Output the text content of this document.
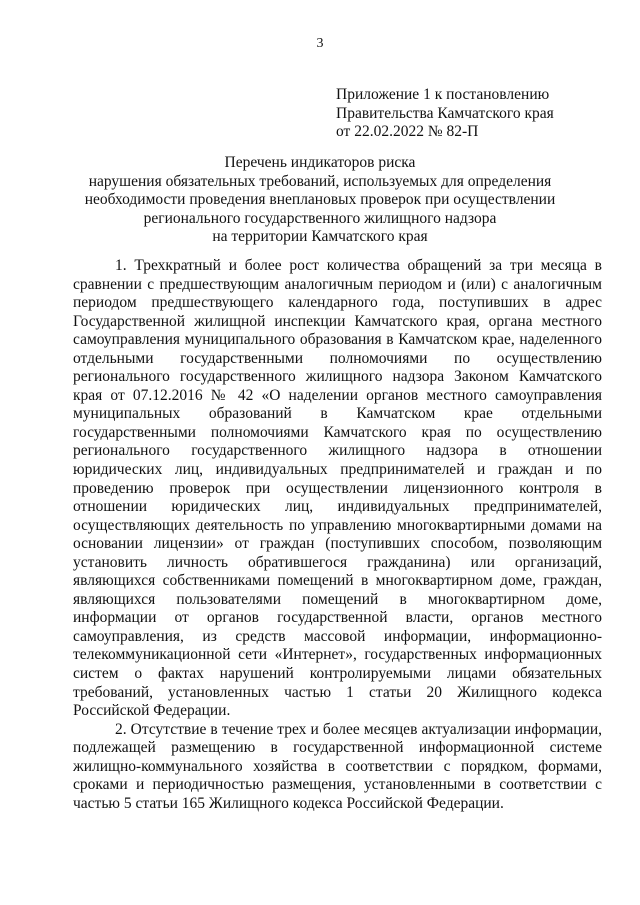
3
Приложение 1 к постановлению
Правительства Камчатского края
от 22.02.2022 № 82-П
Перечень индикаторов риска
нарушения обязательных требований, используемых для определения
необходимости проведения внеплановых проверок при осуществлении
регионального государственного жилищного надзора
на территории Камчатского края

1. Трехкратный и более рост количества обращений за три месяца в сравнении с предшествующим аналогичным периодом и (или) с аналогичным периодом предшествующего календарного года, поступивших в адрес Государственной жилищной инспекции Камчатского края, органа местного самоуправления муниципального образования в Камчатском крае, наделенного отдельными государственными полномочиями по осуществлению регионального государственного жилищного надзора Законом Камчатского края от 07.12.2016 № 42 «О наделении органов местного самоуправления муниципальных образований в Камчатском крае отдельными государственными полномочиями Камчатского края по осуществлению регионального государственного жилищного надзора в отношении юридических лиц, индивидуальных предпринимателей и граждан и по проведению проверок при осуществлении лицензионного контроля в отношении юридических лиц, индивидуальных предпринимателей, осуществляющих деятельность по управлению многоквартирными домами на основании лицензии» от граждан (поступивших способом, позволяющим установить личность обратившегося гражданина) или организаций, являющихся собственниками помещений в многоквартирном доме, граждан, являющихся пользователями помещений в многоквартирном доме, информации от органов государственной власти, органов местного самоуправления, из средств массовой информации, информационно-телекоммуникационной сети «Интернет», государственных информационных систем о фактах нарушений контролируемыми лицами обязательных требований, установленных частью 1 статьи 20 Жилищного кодекса Российской Федерации.

2. Отсутствие в течение трех и более месяцев актуализации информации, подлежащей размещению в государственной информационной системе жилищно-коммунального хозяйства в соответствии с порядком, формами, сроками и периодичностью размещения, установленными в соответствии с частью 5 статьи 165 Жилищного кодекса Российской Федерации.
